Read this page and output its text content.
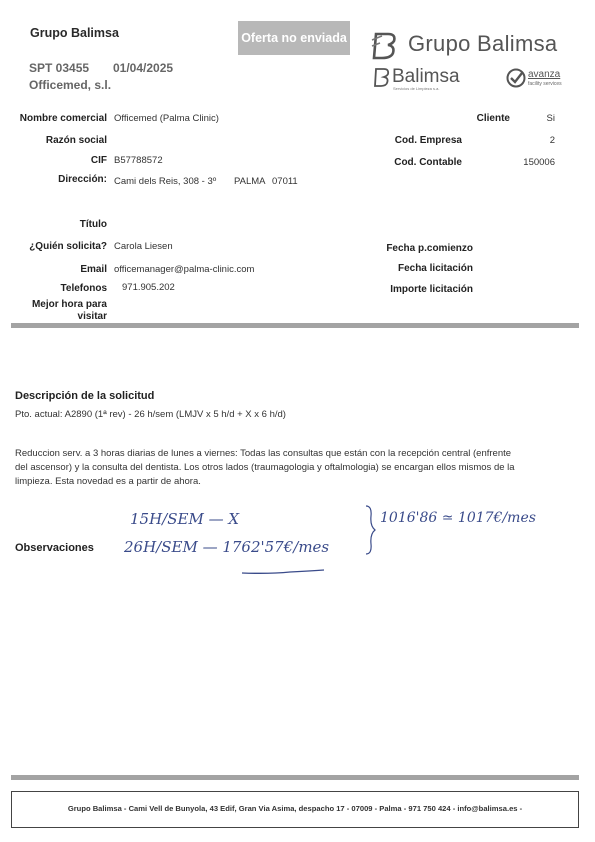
Grupo Balimsa
SPT 03455 01/04/2025
Officemed, s.l.
Oferta no enviada	Grupo Balimsa
Balimsa
Servicios de Limpieza s.a.
avanza
facility services
Nombre comercial Officemed (Palma Clinic)
Razón social
CIF B57788572
Dirección: Cami dels Reis, 308 - 3º PALMA 07011
Cliente	Si
Cod. Empresa	2
Cod. Contable	150006
Título
¿Quién solicita? Carola Liesen
Email officemanager@palma-clinic.com
Telefonos 971.905.202
Mejor hora para
visitar
Fecha p.comienzo
Fecha licitación
Importe licitación
Descripción de la solicitud
Pto. actual: A2890 (1ª rev) - 26 h/sem (LMJV x 5 h/d + X x 6 h/d)
Reduccion serv. a 3 horas diarias de lunes a viernes: Todas las consultas que están con la recepción central (enfrente
del ascensor) y la consulta del dentista. Los otros lados (traumagologia y oftalmologia) se encargan ellos mismos de la
limpieza. Esta novedad es a partir de ahora.
Observaciones
15H/SEM — X
26H/SEM — 1762'57€/mes
1016'86 ≃ 1017€/mes
Grupo Balimsa - Cami Vell de Bunyola, 43 Edif, Gran Via Asima, despacho 17 - 07009 - Palma - 971 750 424 - info@balimsa.es -
